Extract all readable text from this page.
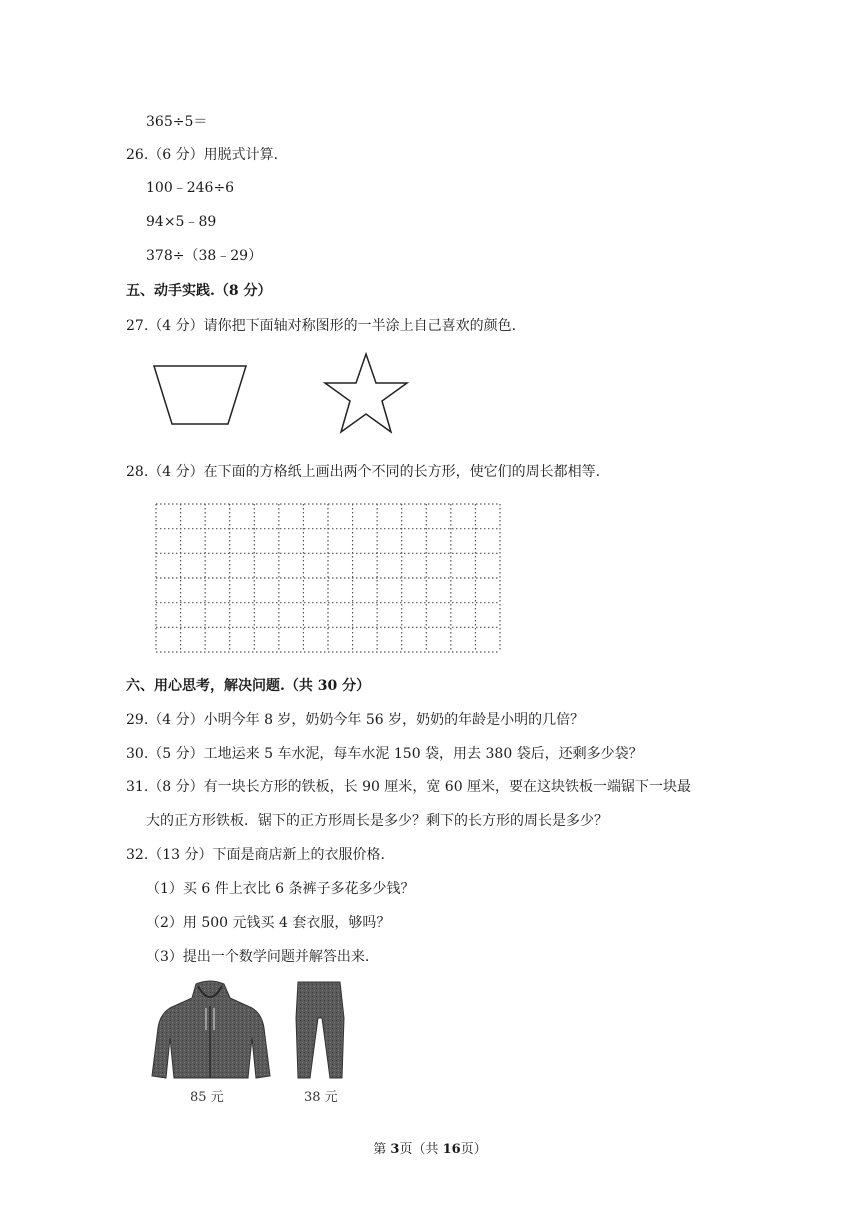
365÷5＝
26.（6 分）用脱式计算.
100﹣246÷6
94×5﹣89
378÷（38﹣29）
五、动手实践.（8 分）
27.（4 分）请你把下面轴对称图形的一半涂上自己喜欢的颜色.
28.（4 分）在下面的方格纸上画出两个不同的长方形，使它们的周长都相等.
六、用心思考，解决问题.（共 30 分）
29.（4 分）小明今年 8 岁，奶奶今年 56 岁，奶奶的年龄是小明的几倍？
30.（5 分）工地运来 5 车水泥，每车水泥 150 袋，用去 380 袋后，还剩多少袋？
31.（8 分）有一块长方形的铁板，长 90 厘米，宽 60 厘米，要在这块铁板一端锯下一块最
大的正方形铁板．锯下的正方形周长是多少？剩下的长方形的周长是多少？
32.（13 分）下面是商店新上的衣服价格.
（1）买 6 件上衣比 6 条裤子多花多少钱？
（2）用 500 元钱买 4 套衣服，够吗？
（3）提出一个数学问题并解答出来.
85 元	38 元
第 3页（共 16页）
